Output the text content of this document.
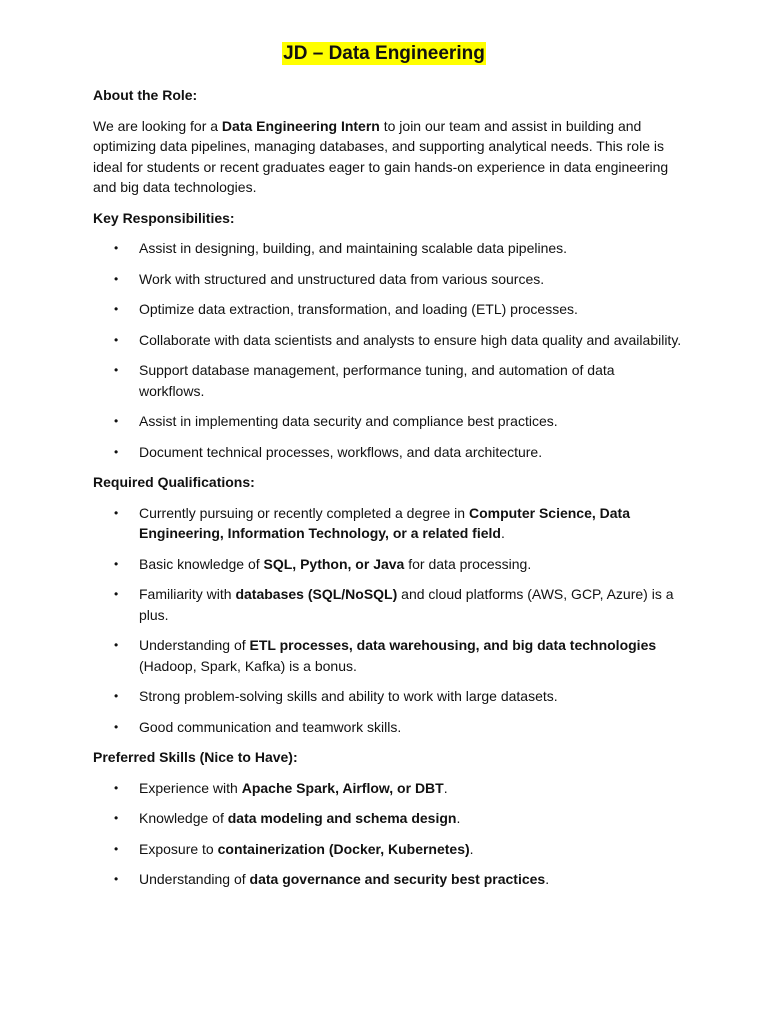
JD – Data Engineering

About the Role:

We are looking for a Data Engineering Intern to join our team and assist in building and optimizing data pipelines, managing databases, and supporting analytical needs. This role is ideal for students or recent graduates eager to gain hands-on experience in data engineering and big data technologies.

Key Responsibilities:

• Assist in designing, building, and maintaining scalable data pipelines.
• Work with structured and unstructured data from various sources.
• Optimize data extraction, transformation, and loading (ETL) processes.
• Collaborate with data scientists and analysts to ensure high data quality and availability.
• Support database management, performance tuning, and automation of data workflows.
• Assist in implementing data security and compliance best practices.
• Document technical processes, workflows, and data architecture.

Required Qualifications:

• Currently pursuing or recently completed a degree in Computer Science, Data Engineering, Information Technology, or a related field.
• Basic knowledge of SQL, Python, or Java for data processing.
• Familiarity with databases (SQL/NoSQL) and cloud platforms (AWS, GCP, Azure) is a plus.
• Understanding of ETL processes, data warehousing, and big data technologies (Hadoop, Spark, Kafka) is a bonus.
• Strong problem-solving skills and ability to work with large datasets.
• Good communication and teamwork skills.

Preferred Skills (Nice to Have):

• Experience with Apache Spark, Airflow, or DBT.
• Knowledge of data modeling and schema design.
• Exposure to containerization (Docker, Kubernetes).
• Understanding of data governance and security best practices.
